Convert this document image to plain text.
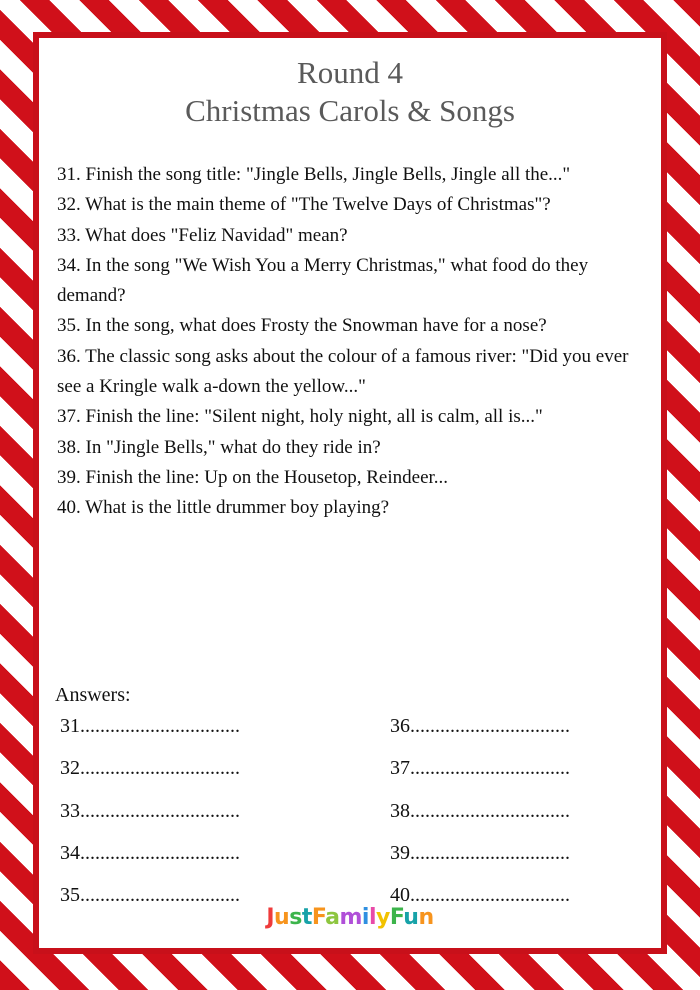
Round 4
Christmas Carols & Songs
31. Finish the song title: "Jingle Bells, Jingle Bells, Jingle all the..."
32. What is the main theme of "The Twelve Days of Christmas"?
33. What does "Feliz Navidad" mean?
34. In the song "We Wish You a Merry Christmas," what food do they demand?
35. In the song, what does Frosty the Snowman have for a nose?
36. The classic song asks about the colour of a famous river: "Did you ever see a Kringle walk a-down the yellow..."
37. Finish the line: "Silent night, holy night, all is calm, all is..."
38. In "Jingle Bells," what do they ride in?
39. Finish the line: Up on the Housetop, Reindeer...
40. What is the little drummer boy playing?
Answers:
31................................
32................................
33................................
34................................
35................................
36................................
37................................
38................................
39................................
40................................
JustFamilyFun
